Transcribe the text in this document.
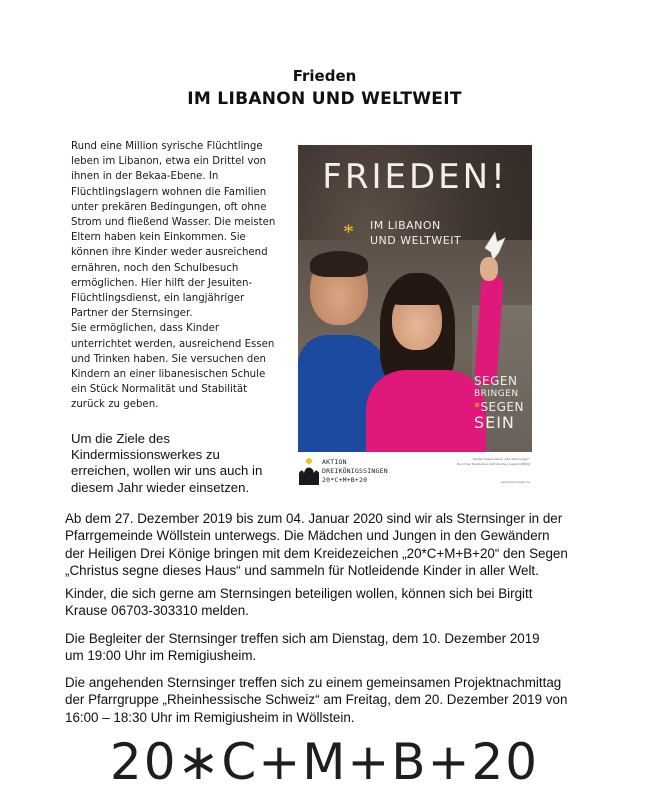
Frieden
IM LIBANON UND WELTWEIT

Rund eine Million syrische Flüchtlinge

leben im Libanon, etwa ein Drittel von

ihnen in der Bekaa-Ebene. In

Flüchtlingslagern wohnen die Familien

unter prekären Bedingungen, oft ohne

Strom und fließend Wasser. Die meisten

Eltern haben kein Einkommen. Sie

können ihre Kinder weder ausreichend

ernähren, noch den Schulbesuch

ermöglichen. Hier hilft der Jesuiten-

Flüchtlingsdienst, ein langjähriger

Partner der Sternsinger.

Sie ermöglichen, dass Kinder

unterrichtet werden, ausreichend Essen

und Trinken haben. Sie versuchen den

Kindern an einer libanesischen Schule

ein Stück Normalität und Stabilität

zurück zu geben.

Um die Ziele des
Kindermissionswerkes zu
erreichen, wollen wir uns auch in
diesem Jahr wieder einsetzen.
FRIEDEN!
* IM LIBANON
UND WELTWEIT
SEGEN
BRINGEN
*SEGEN
SEIN
AKTION
DREIKÖNIGSSINGEN
20*C+M+B+20
Kindermissionswerk „Die Sternsinger“
Bund der Deutschen Katholischen Jugend (BDKJ)
www.sternsinger.de
Ab dem 27. Dezember 2019 bis zum 04. Januar 2020 sind wir als Sternsinger in der
Pfarrgemeinde Wöllstein unterwegs. Die Mädchen und Jungen in den Gewändern
der Heiligen Drei Könige bringen mit dem Kreidezeichen „20*C+M+B+20“ den Segen
„Christus segne dieses Haus“ und sammeln für Notleidende Kinder in aller Welt.
Kinder, die sich gerne am Sternsingen beteiligen wollen, können sich bei Birgitt
Krause 06703-303310 melden.
Die Begleiter der Sternsinger treffen sich am Dienstag, dem 10. Dezember 2019
um 19:00 Uhr im Remigiusheim.
Die angehenden Sternsinger treffen sich zu einem gemeinsamen Projektnachmittag
der Pfarrgruppe „Rheinhessische Schweiz“ am Freitag, dem 20. Dezember 2019 von
16:00 – 18:30 Uhr im Remigiusheim in Wöllstein.
20∗C+M+B+20
